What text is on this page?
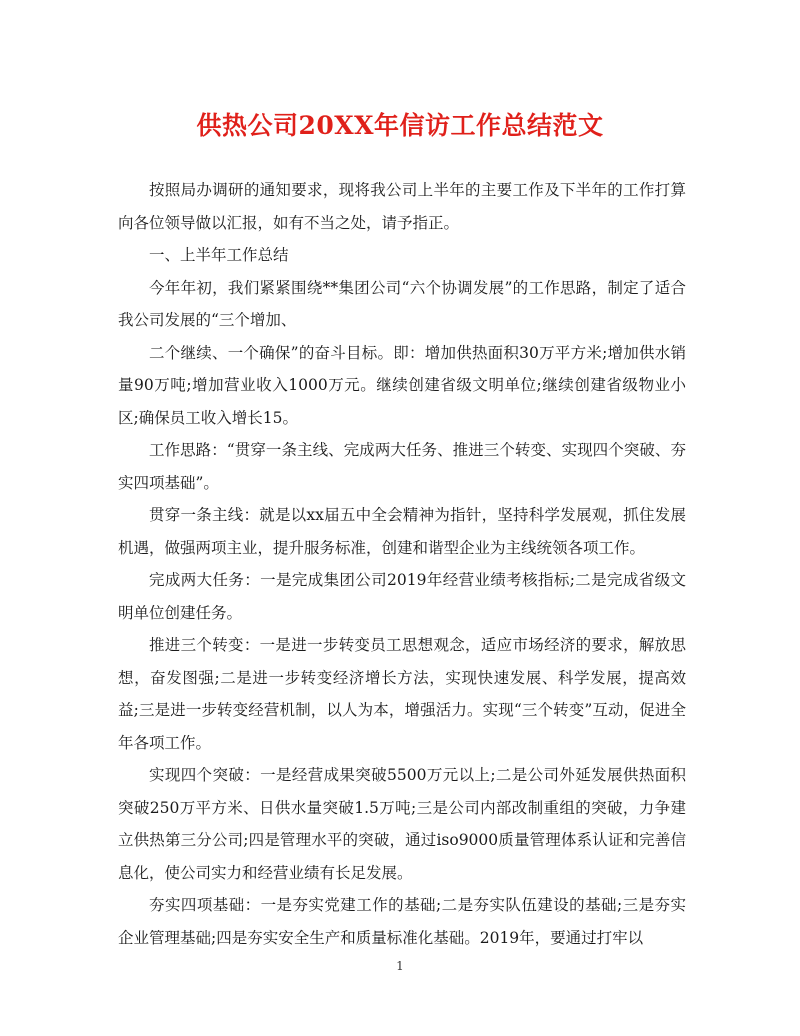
供热公司20XX年信访工作总结范文

按照局办调研的通知要求，现将我公司上半年的主要工作及下半年的工作打算向各位领导做以汇报，如有不当之处，请予指正。

一、上半年工作总结

今年年初，我们紧紧围绕**集团公司“六个协调发展”的工作思路，制定了适合我公司发展的“三个增加、

二个继续、一个确保”的奋斗目标。即：增加供热面积30万平方米;增加供水销量90万吨;增加营业收入1000万元。继续创建省级文明单位;继续创建省级物业小区;确保员工收入增长15。

工作思路：“贯穿一条主线、完成两大任务、推进三个转变、实现四个突破、夯实四项基础”。

贯穿一条主线：就是以xx届五中全会精神为指针，坚持科学发展观，抓住发展机遇，做强两项主业，提升服务标准，创建和谐型企业为主线统领各项工作。

完成两大任务：一是完成集团公司2019年经营业绩考核指标;二是完成省级文明单位创建任务。

推进三个转变：一是进一步转变员工思想观念，适应市场经济的要求，解放思想，奋发图强;二是进一步转变经济增长方法，实现快速发展、科学发展，提高效益;三是进一步转变经营机制，以人为本，增强活力。实现“三个转变”互动，促进全年各项工作。

实现四个突破：一是经营成果突破5500万元以上;二是公司外延发展供热面积突破250万平方米、日供水量突破1.5万吨;三是公司内部改制重组的突破，力争建立供热第三分公司;四是管理水平的突破，通过iso9000质量管理体系认证和完善信息化，使公司实力和经营业绩有长足发展。

夯实四项基础：一是夯实党建工作的基础;二是夯实队伍建设的基础;三是夯实企业管理基础;四是夯实安全生产和质量标准化基础。2019年，要通过打牢以

1
